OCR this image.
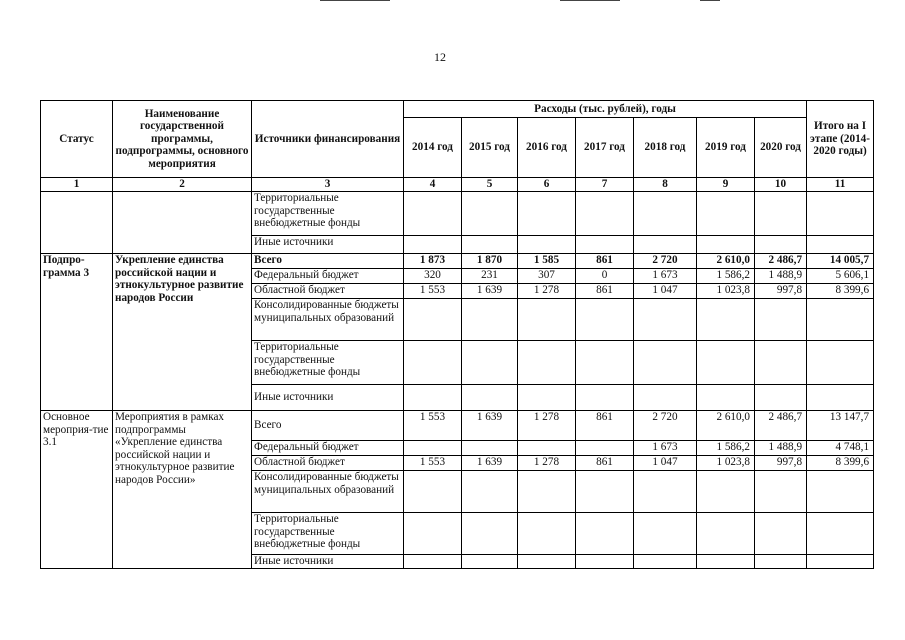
12
Статус	Наименование государственной программы, подпрограммы, основного мероприятия	Источники финансирования	Расходы (тыс. рублей), годы							Итого на I этапе (2014-2020 годы)
			2014 год	2015 год	2016 год	2017 год	2018 год	2019 год	2020 год	
1	2	3	4	5	6	7	8	9	10	11
		Территориальные государственные внебюджетные фонды								
		Иные источники								
Подпро-грамма 3	Укрепление единства российской нации и этнокультурное развитие народов России	Всего	1 873	1 870	1 585	861	2 720	2 610,0	2 486,7	14 005,7
		Федеральный бюджет	320	231	307	0	1 673	1 586,2	1 488,9	5 606,1
		Областной бюджет	1 553	1 639	1 278	861	1 047	1 023,8	997,8	8 399,6
		Консолидированные бюджеты муниципальных образований								
		Территориальные государственные внебюджетные фонды								
		Иные источники								
Основное мероприя-тие 3.1	Мероприятия в рамках подпрограммы «Укрепление единства российской нации и этнокультурное развитие народов России»	Всего	1 553	1 639	1 278	861	2 720	2 610,0	2 486,7	13 147,7
		Федеральный бюджет					1 673	1 586,2	1 488,9	4 748,1
		Областной бюджет	1 553	1 639	1 278	861	1 047	1 023,8	997,8	8 399,6
		Консолидированные бюджеты муниципальных образований								
		Территориальные государственные внебюджетные фонды								
		Иные источники								
